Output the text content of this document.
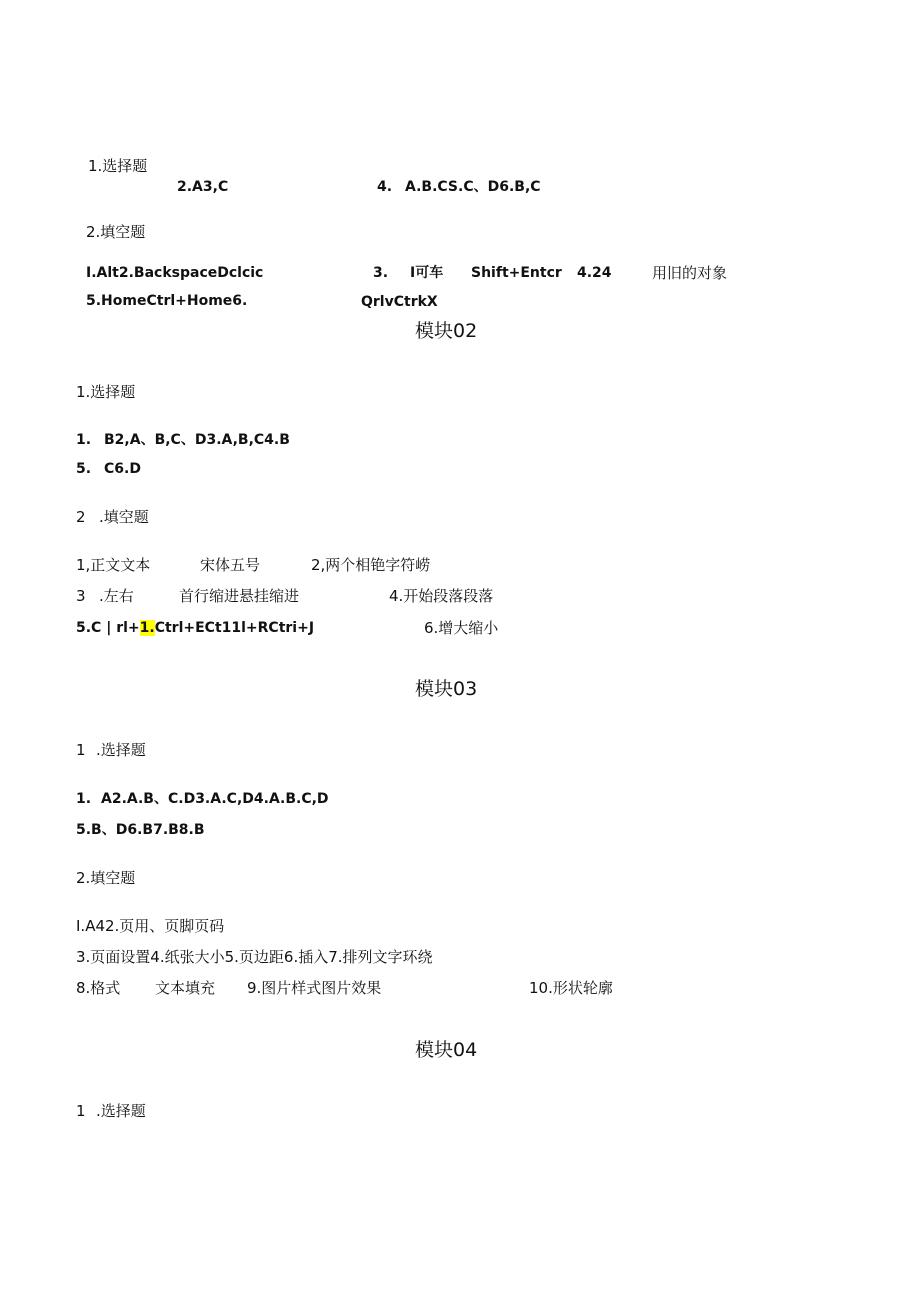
1.选择题
2.A3,C	4. A.B.CS.C、D6.B,C
2.填空题
I.Alt2.BackspaceDclcic	3. I可车 Shift+Entcr 4.24	用旧的对象
5.HomeCtrl+Home6.	QrlvCtrkX
模块02
1.选择题
1. B2,A、B,C、D3.A,B,C4.B
5. C6.D
2 .填空题
1,正文文本	宋体五号	2,两个相铯字符崂
3 .左右	首行缩进悬挂缩进	4.开始段落段落
5.C | rl+1.Ctrl+ECt11l+RCtri+J	6.增大缩小
模块03
1 .选择题
1. A2.A.B、C.D3.A.C,D4.A.B.C,D
5.B、D6.B7.B8.B
2.填空题
I.A42.页用、页脚页码
3.页面设置4.纸张大小5.页边距6.插入7.排列文字环绕
8.格式 文本填充 9.图片样式图片效果	10.形状轮廓
模块04
1 .选择题
